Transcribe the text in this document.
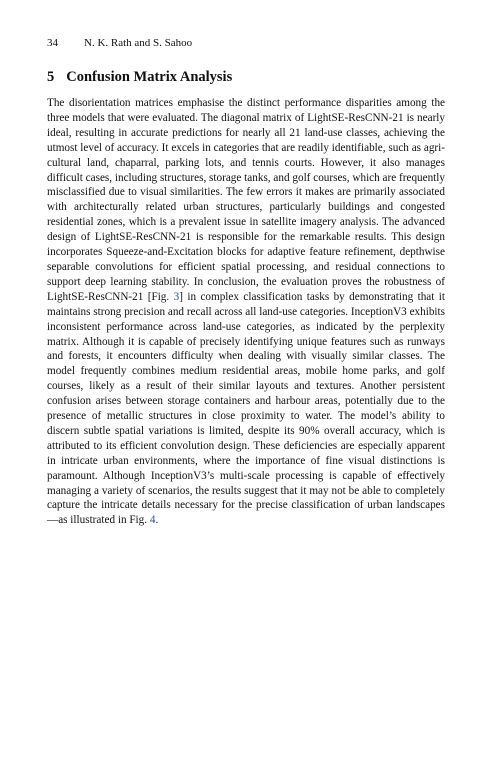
34 N. K. Rath and S. Sahoo
5 Confusion Matrix Analysis

The disorientation matrices emphasise the distinct performance disparities among the three models that were evaluated. The diagonal matrix of LightSE-ResCNN-21 is nearly ideal, resulting in accurate predictions for nearly all 21 land-use classes, achieving the utmost level of accuracy. It excels in categories that are readily identifiable, such as agricultural land, chaparral, parking lots, and tennis courts. However, it also manages difficult cases, including structures, storage tanks, and golf courses, which are frequently misclassified due to visual similarities. The few errors it makes are primarily associated with architecturally related urban structures, particularly buildings and congested residential zones, which is a prevalent issue in satellite imagery analysis. The advanced design of LightSE-ResCNN-21 is responsible for the remarkable results. This design incorporates Squeeze-and-Excitation blocks for adaptive feature refinement, depthwise separable convolutions for efficient spatial processing, and residual connections to support deep learning stability. In conclusion, the evaluation proves the robustness of LightSE-ResCNN-21 [Fig. 3] in complex classification tasks by demonstrating that it maintains strong precision and recall across all land-use categories. InceptionV3 exhibits inconsistent performance across land-use categories, as indicated by the perplexity matrix. Although it is capable of precisely identifying unique features such as runways and forests, it encounters difficulty when dealing with visually similar classes. The model frequently combines medium residential areas, mobile home parks, and golf courses, likely as a result of their similar layouts and textures. Another persistent confusion arises between storage containers and harbour areas, potentially due to the presence of metallic structures in close proximity to water. The model’s ability to discern subtle spatial variations is limited, despite its 90% overall accuracy, which is attributed to its efficient convolution design. These deficiencies are especially apparent in intricate urban environments, where the importance of fine visual distinctions is paramount. Although InceptionV3’s multi-scale processing is capable of effectively managing a variety of scenarios, the results suggest that it may not be able to completely capture the intricate details necessary for the precise classification of urban landscapes—as illustrated in Fig. 4.
